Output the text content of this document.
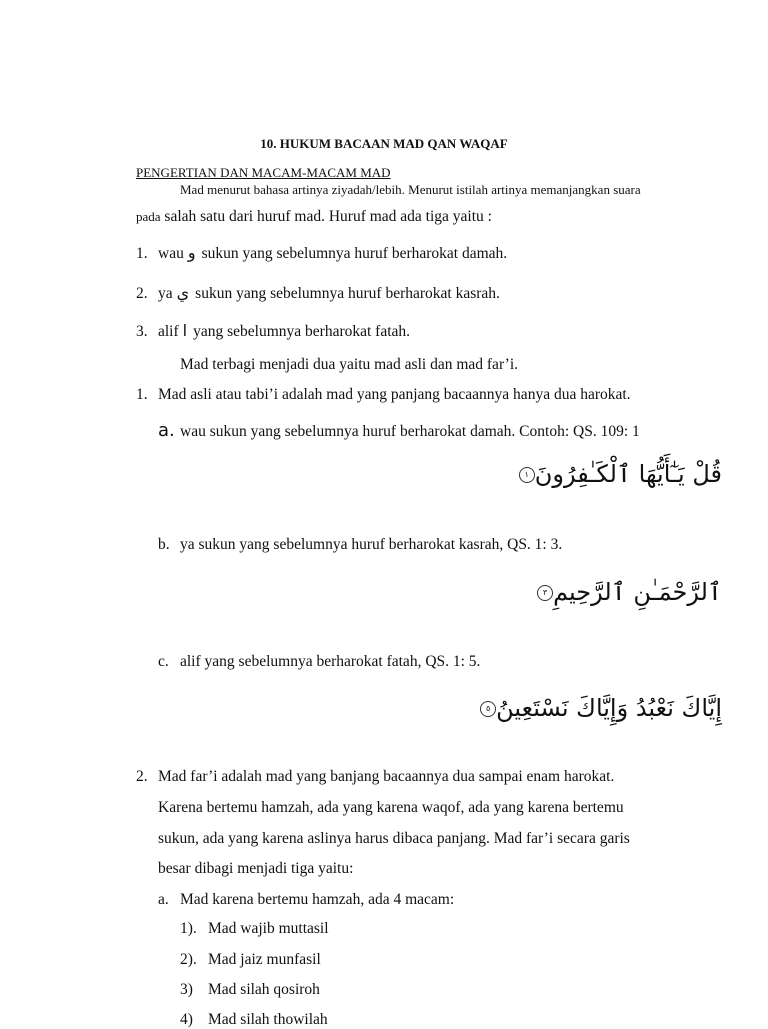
10. HUKUM BACAAN MAD QAN WAQAF
PENGERTIAN DAN MACAM-MACAM MAD
Mad menurut bahasa artinya ziyadah/lebih. Menurut istilah artinya memanjangkan suara
pada salah satu dari huruf mad. Huruf mad ada tiga yaitu :
1. wau و sukun yang sebelumnya huruf berharokat damah.
2. ya ي sukun yang sebelumnya huruf berharokat kasrah.
3. alif ا yang sebelumnya berharokat fatah.
Mad terbagi menjadi dua yaitu mad asli dan mad far’i.
1. Mad asli atau tabi’i adalah mad yang panjang bacaannya hanya dua harokat.
a. wau sukun yang sebelumnya huruf berharokat damah. Contoh: QS. 109: 1
قُلْ يَـٰٓأَيُّهَا ٱلْكَـٰفِرُونَ١
b. ya sukun yang sebelumnya huruf berharokat kasrah, QS. 1: 3.
ٱلرَّحْمَـٰنِ ٱلرَّحِيمِ٣
c. alif yang sebelumnya berharokat fatah, QS. 1: 5.
إِيَّاكَ نَعْبُدُ وَإِيَّاكَ نَسْتَعِينُ٥
2. Mad far’i adalah mad yang banjang bacaannya dua sampai enam harokat.
Karena bertemu hamzah, ada yang karena waqof, ada yang karena bertemu
sukun, ada yang karena aslinya harus dibaca panjang. Mad far’i secara garis
besar dibagi menjadi tiga yaitu:
a. Mad karena bertemu hamzah, ada 4 macam:
1). Mad wajib muttasil
2). Mad jaiz munfasil
3) Mad silah qosiroh
4) Mad silah thowilah
